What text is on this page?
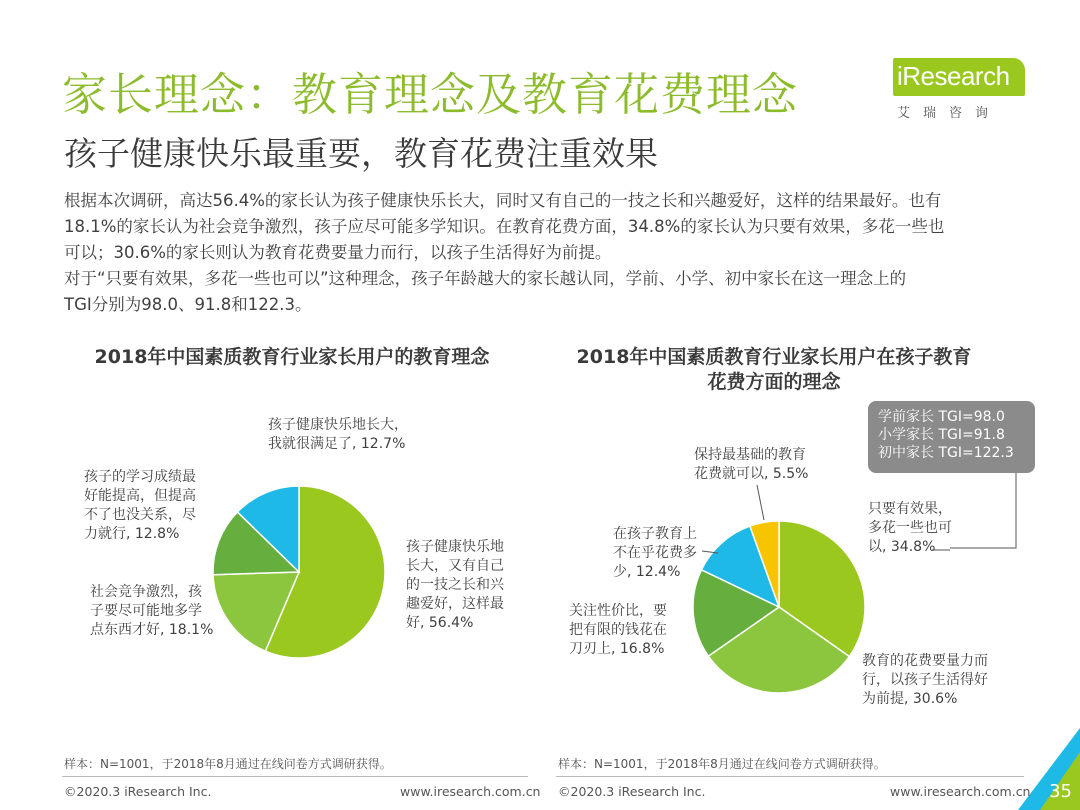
家长理念：教育理念及教育花费理念
孩子健康快乐最重要，教育花费注重效果
iResearch
艾瑞咨询
根据本次调研，高达56.4%的家长认为孩子健康快乐长大，同时又有自己的一技之长和兴趣爱好，这样的结果最好。也有
18.1%的家长认为社会竞争激烈，孩子应尽可能多学知识。在教育花费方面，34.8%的家长认为只要有效果，多花一些也
可以；30.6%的家长则认为教育花费要量力而行，以孩子生活得好为前提。
对于“只要有效果，多花一些也可以”这种理念，孩子年龄越大的家长越认同，学前、小学、初中家长在这一理念上的
TGI分别为98.0、91.8和122.3。
2018年中国素质教育行业家长用户的教育理念	2018年中国素质教育行业家长用户在孩子教育
花费方面的理念
孩子健康快乐地长大，
我就很满足了, 12.7%
孩子的学习成绩最
好能提高，但提高
不了也没关系，尽
力就行, 12.8%
社会竞争激烈，孩
子要尽可能地多学
点东西才好, 18.1%
孩子健康快乐地
长大，又有自己
的一技之长和兴
趣爱好，这样最
好, 56.4%
学前家长 TGI=98.0
小学家长 TGI=91.8
初中家长 TGI=122.3
保持最基础的教育
花费就可以, 5.5%
在孩子教育上
不在乎花费多
少, 12.4%
关注性价比，要
把有限的钱花在
刀刃上, 16.8%
只要有效果，
多花一些也可
以, 34.8%
教育的花费要量力而
行，以孩子生活得好
为前提, 30.6%
样本：N=1001，于2018年8月通过在线问卷方式调研获得。	样本：N=1001，于2018年8月通过在线问卷方式调研获得。
©2020.3 iResearch Inc.	www.iresearch.com.cn ©2020.3 iResearch Inc.	www.iresearch.com.cn 35
